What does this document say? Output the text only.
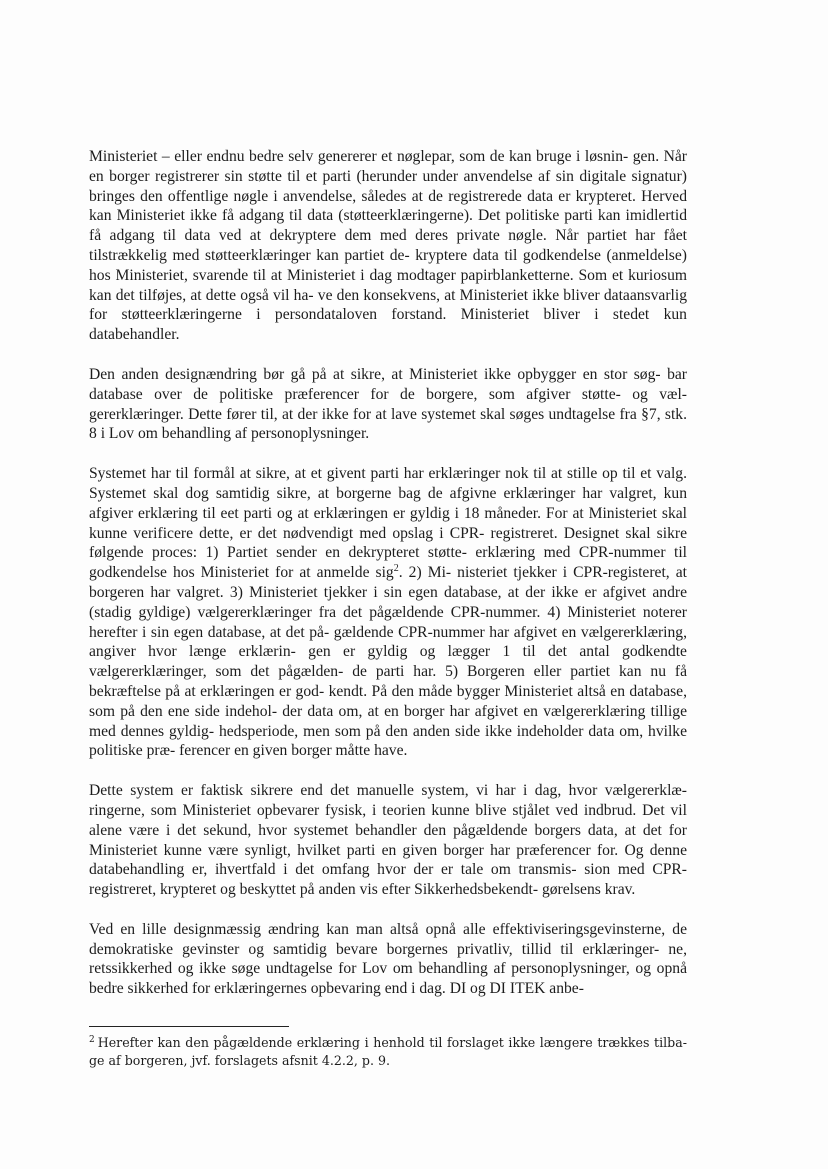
Ministeriet – eller endnu bedre selv genererer et nøglepar, som de kan bruge i løsnin- gen. Når en borger registrerer sin støtte til et parti (herunder under anvendelse af sin digitale signatur) bringes den offentlige nøgle i anvendelse, således at de registrerede data er krypteret. Herved kan Ministeriet ikke få adgang til data (støtteerklæringerne). Det politiske parti kan imidlertid få adgang til data ved at dekryptere dem med deres private nøgle. Når partiet har fået tilstrækkelig med støtteerklæringer kan partiet de- kryptere data til godkendelse (anmeldelse) hos Ministeriet, svarende til at Ministeriet i dag modtager papirblanketterne. Som et kuriosum kan det tilføjes, at dette også vil ha- ve den konsekvens, at Ministeriet ikke bliver dataansvarlig for støtteerklæringerne i persondataloven forstand. Ministeriet bliver i stedet kun databehandler.

Den anden designændring bør gå på at sikre, at Ministeriet ikke opbygger en stor søg- bar database over de politiske præferencer for de borgere, som afgiver støtte- og væl- gererklæringer. Dette fører til, at der ikke for at lave systemet skal søges undtagelse fra §7, stk. 8 i Lov om behandling af personoplysninger.

Systemet har til formål at sikre, at et givent parti har erklæringer nok til at stille op til et valg. Systemet skal dog samtidig sikre, at borgerne bag de afgivne erklæringer har valgret, kun afgiver erklæring til eet parti og at erklæringen er gyldig i 18 måneder. For at Ministeriet skal kunne verificere dette, er det nødvendigt med opslag i CPR- registreret. Designet skal sikre følgende proces: 1) Partiet sender en dekrypteret støtte- erklæring med CPR-nummer til godkendelse hos Ministeriet for at anmelde sig$^2$. 2) Mi- nisteriet tjekker i CPR-registeret, at borgeren har valgret. 3) Ministeriet tjekker i sin egen database, at der ikke er afgivet andre (stadig gyldige) vælgererklæringer fra det pågældende CPR-nummer. 4) Ministeriet noterer herefter i sin egen database, at det på- gældende CPR-nummer har afgivet en vælgererklæring, angiver hvor længe erklærin- gen er gyldig og lægger 1 til det antal godkendte vælgererklæringer, som det pågælden- de parti har. 5) Borgeren eller partiet kan nu få bekræftelse på at erklæringen er god- kendt. På den måde bygger Ministeriet altså en database, som på den ene side indehol- der data om, at en borger har afgivet en vælgererklæring tillige med dennes gyldig- hedsperiode, men som på den anden side ikke indeholder data om, hvilke politiske præ- ferencer en given borger måtte have.

Dette system er faktisk sikrere end det manuelle system, vi har i dag, hvor vælgererklæ- ringerne, som Ministeriet opbevarer fysisk, i teorien kunne blive stjålet ved indbrud. Det vil alene være i det sekund, hvor systemet behandler den pågældende borgers data, at det for Ministeriet kunne være synligt, hvilket parti en given borger har præferencer for. Og denne databehandling er, ihvertfald i det omfang hvor der er tale om transmis- sion med CPR-registreret, krypteret og beskyttet på anden vis efter Sikkerhedsbekendt- gørelsens krav.

Ved en lille designmæssig ændring kan man altså opnå alle effektiviseringsgevinsterne, de demokratiske gevinster og samtidig bevare borgernes privatliv, tillid til erklæringer- ne, retssikkerhed og ikke søge undtagelse for Lov om behandling af personoplysninger, og opnå bedre sikkerhed for erklæringernes opbevaring end i dag. DI og DI ITEK anbe-

$^2$ Herefter kan den pågældende erklæring i henhold til forslaget ikke længere trækkes tilba- ge af borgeren, jvf. forslagets afsnit 4.2.2, p. 9.
